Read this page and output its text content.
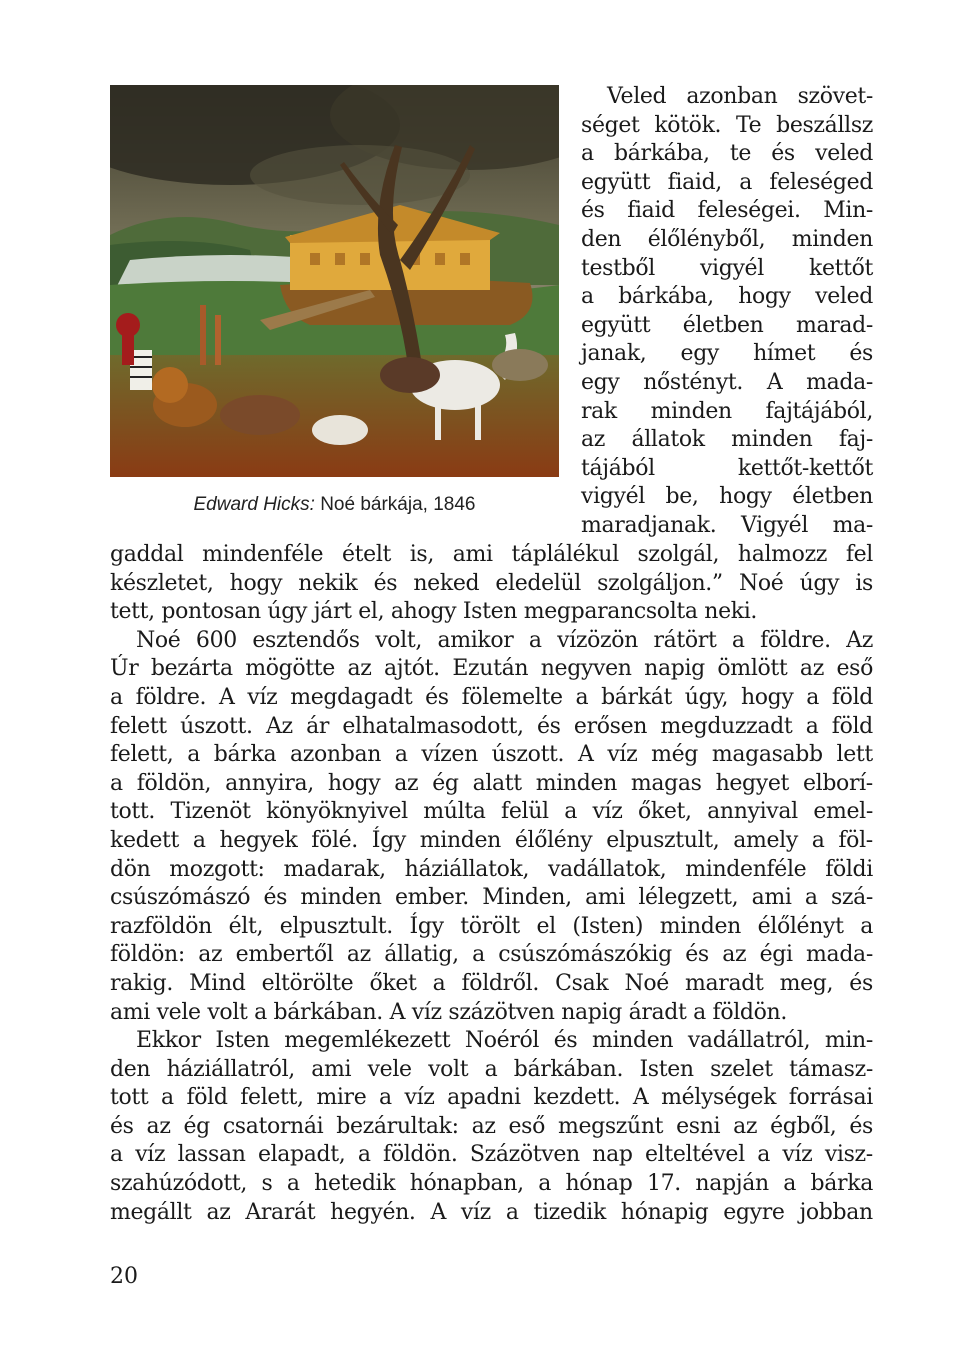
Edward Hicks: Noé bárkája, 1846
Veled azonban szövet-
séget kötök. Te beszállsz
a bárkába, te és veled
együtt fiaid, a feleséged
és fiaid feleségei. Min-
den élőlényből, minden
testből vigyél kettőt
a bárkába, hogy veled
együtt életben marad-
janak, egy hímet és
egy nőstényt. A mada-
rak minden fajtájából,
az állatok minden faj-
tájából	kettőt-kettőt
vigyél be, hogy életben
maradjanak. Vigyél ma-
gaddal mindenféle ételt is, ami táplálékul szolgál, halmozz fel
készletet, hogy nekik és neked eledelül szolgáljon.” Noé úgy is
tett, pontosan úgy járt el, ahogy Isten megparancsolta neki.
Noé 600 esztendős volt, amikor a vízözön rátört a földre. Az
Úr bezárta mögötte az ajtót. Ezután negyven napig ömlött az eső
a földre. A víz megdagadt és fölemelte a bárkát úgy, hogy a föld
felett úszott. Az ár elhatalmasodott, és erősen megduzzadt a föld
felett, a bárka azonban a vízen úszott. A víz még magasabb lett
a földön, annyira, hogy az ég alatt minden magas hegyet elborí-
tott. Tizenöt könyöknyivel múlta felül a víz őket, annyival emel-
kedett a hegyek fölé. Így minden élőlény elpusztult, amely a föl-
dön mozgott: madarak, háziállatok, vadállatok, mindenféle földi
csúszómászó és minden ember. Minden, ami lélegzett, ami a szá-
razföldön élt, elpusztult. Így törölt el (Isten) minden élőlényt a
földön: az embertől az állatig, a csúszómászókig és az égi mada-
rakig. Mind eltörölte őket a földről. Csak Noé maradt meg, és
ami vele volt a bárkában. A víz százötven napig áradt a földön.
Ekkor Isten megemlékezett Noéról és minden vadállatról, min-
den háziállatról, ami vele volt a bárkában. Isten szelet támasz-
tott a föld felett, mire a víz apadni kezdett. A mélységek forrásai
és az ég csatornái bezárultak: az eső megszűnt esni az égből, és
a víz lassan elapadt, a földön. Százötven nap elteltével a víz visz-
szahúzódott, s a hetedik hónapban, a hónap 17. napján a bárka
megállt az Ararát hegyén. A víz a tizedik hónapig egyre jobban
20
